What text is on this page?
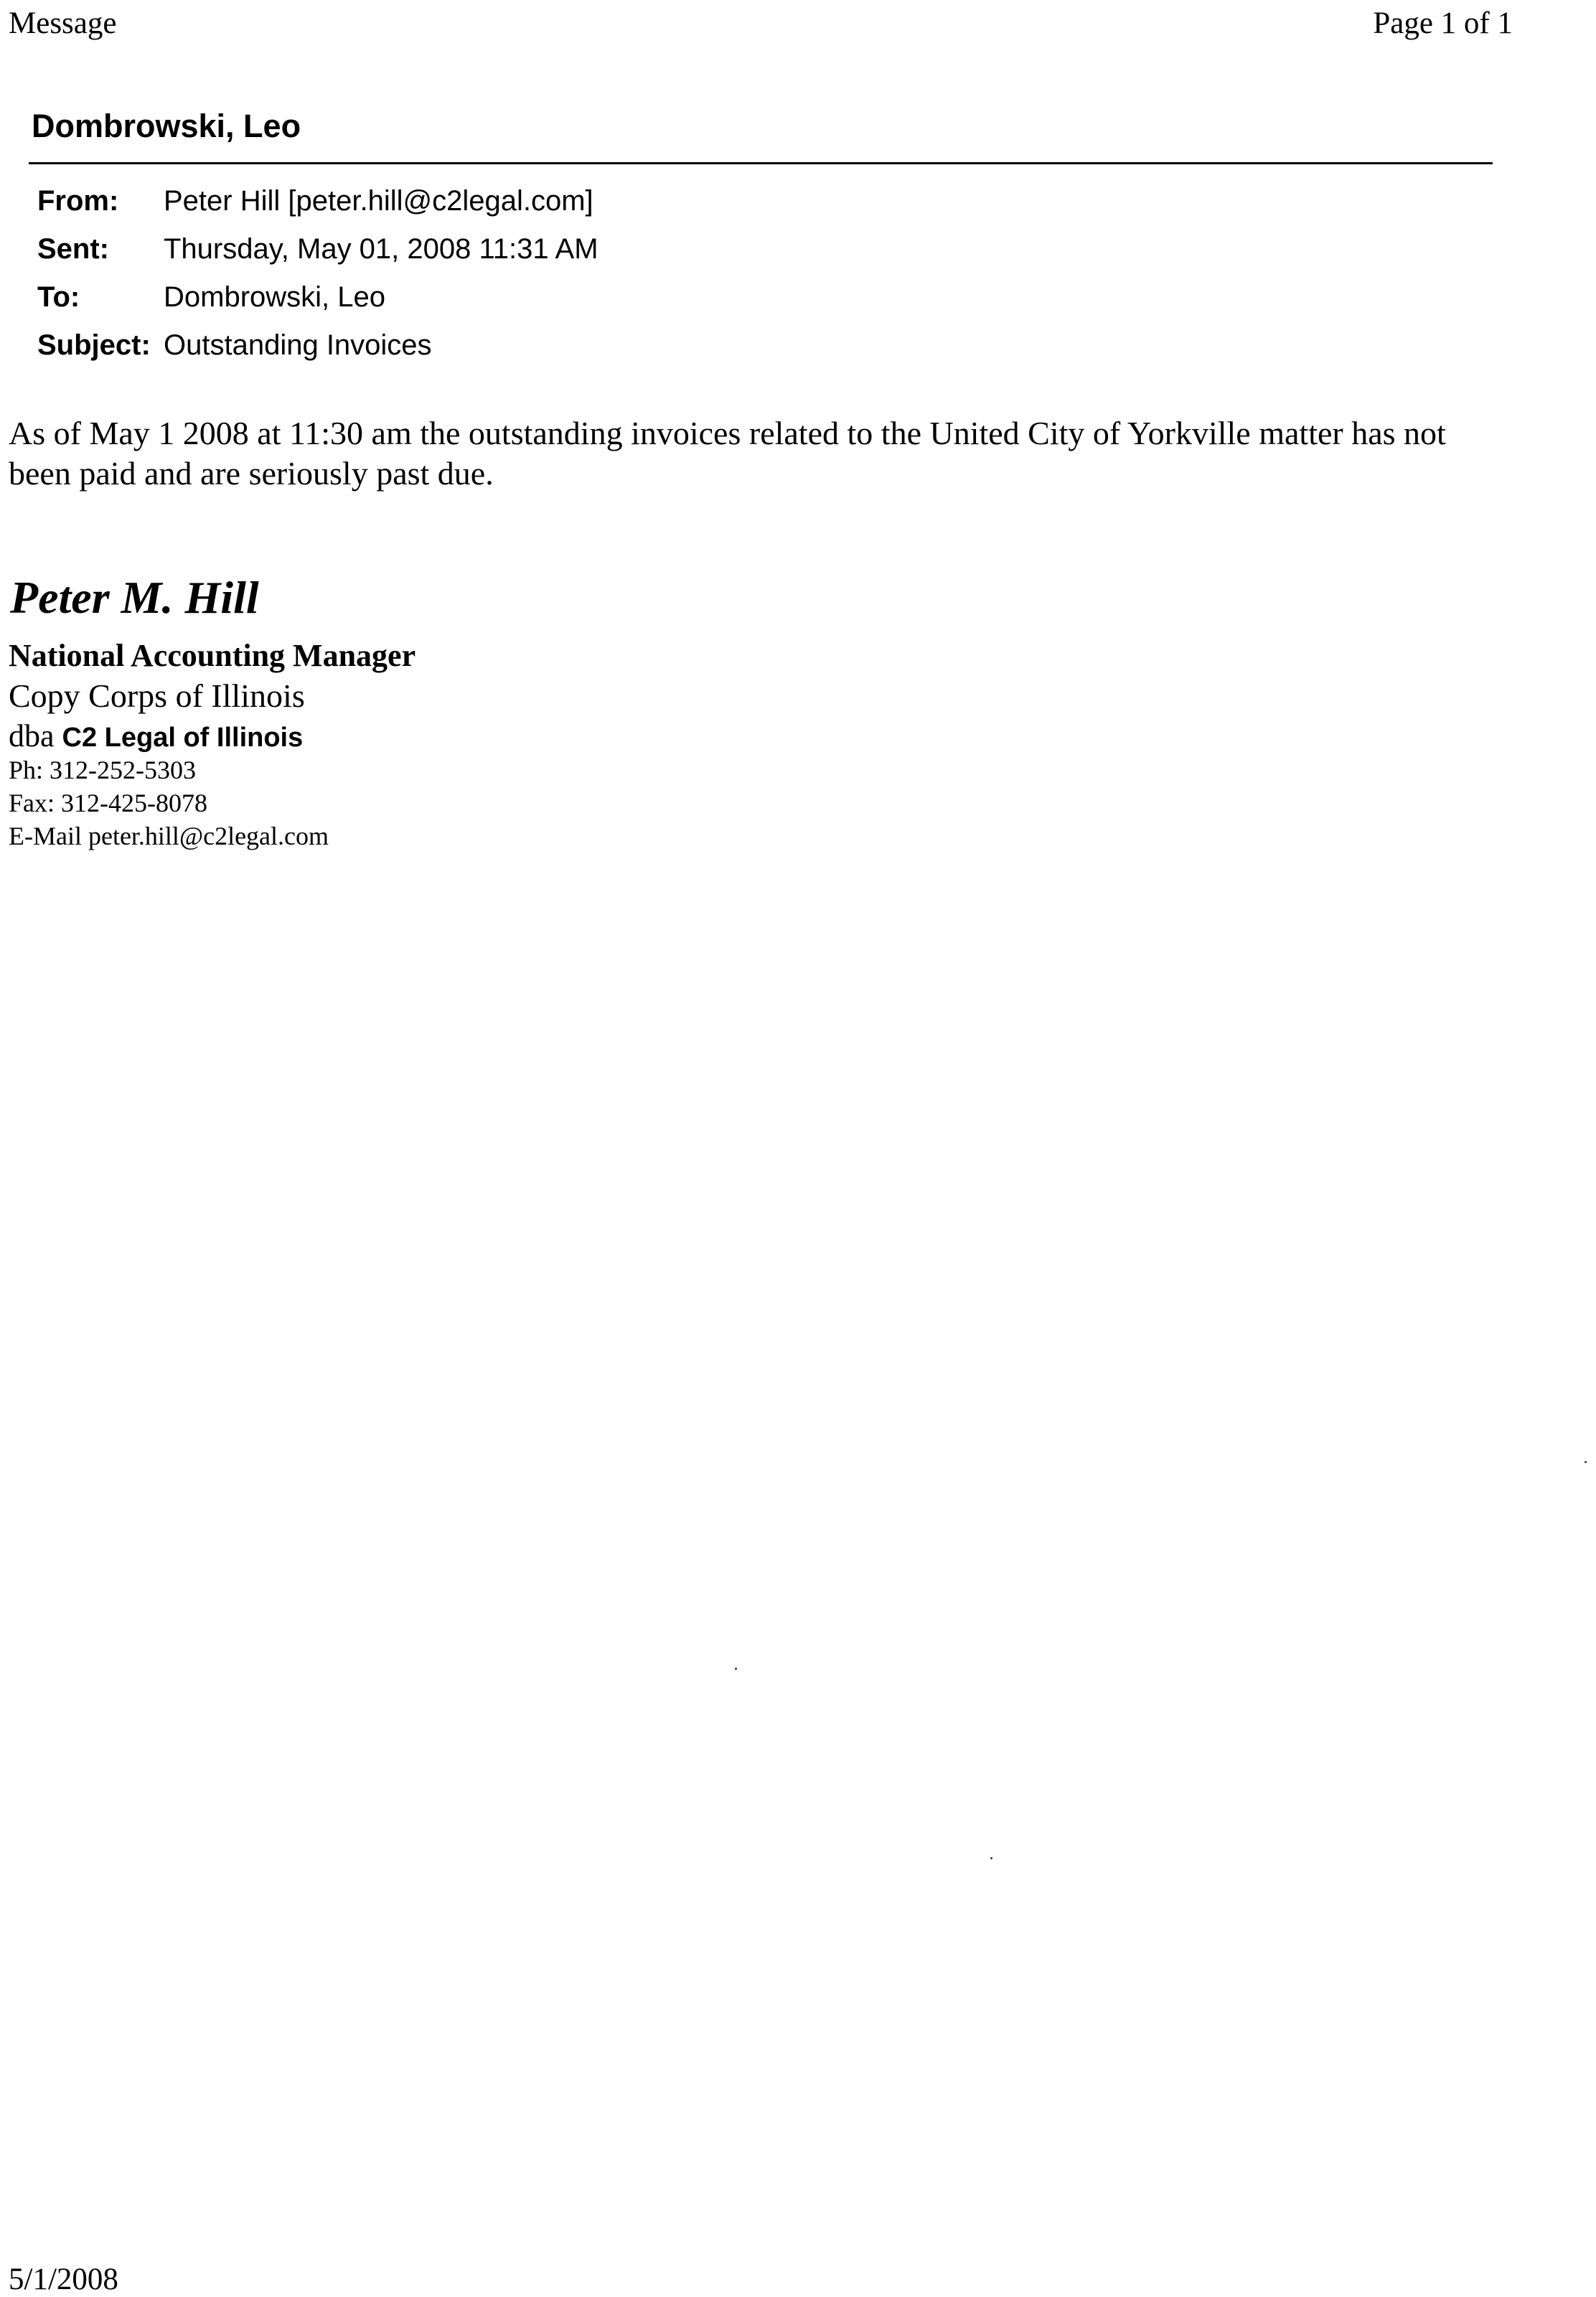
Message	Page 1 of 1
Dombrowski, Leo
From:	Peter Hill [peter.hill@c2legal.com]
Sent:	Thursday, May 01, 2008 11:31 AM
To:	Dombrowski, Leo
Subject:	Outstanding Invoices
As of May 1 2008 at 11:30 am the outstanding invoices related to the United City of Yorkville matter has not been paid and are seriously past due.
Peter M. Hill
National Accounting Manager
Copy Corps of Illinois
dba C2 Legal of Illinois
Ph: 312-252-5303
Fax: 312-425-8078
E-Mail peter.hill@c2legal.com
5/1/2008
